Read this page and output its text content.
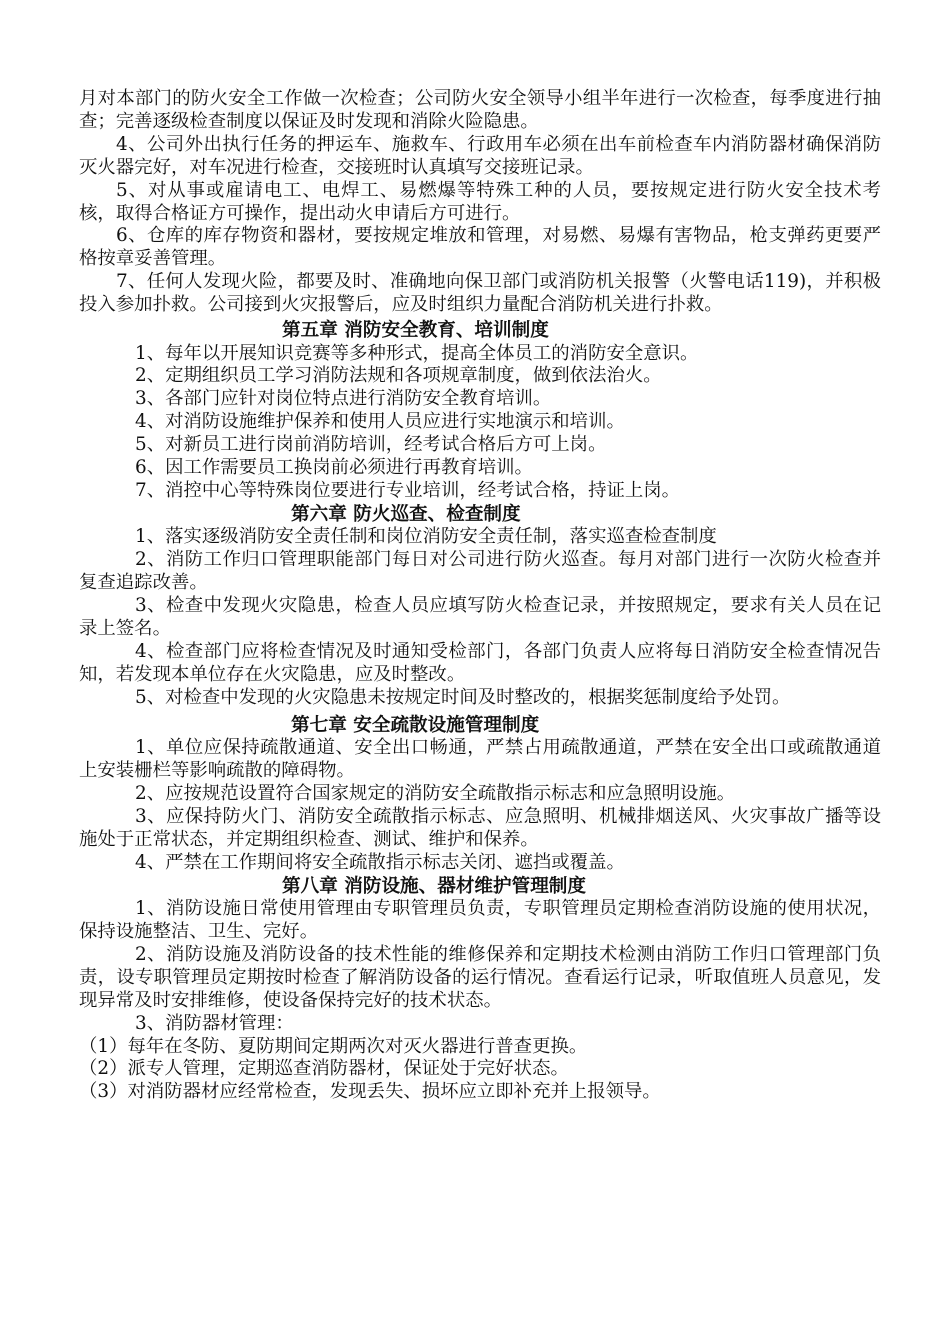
月对本部门的防火安全工作做一次检查；公司防火安全领导小组半年进行一次检查，每季度进行抽查；完善逐级检查制度以保证及时发现和消除火险隐患。

4、公司外出执行任务的押运车、施救车、行政用车必须在出车前检查车内消防器材确保消防灭火器完好，对车况进行检查，交接班时认真填写交接班记录。

5、对从事或雇请电工、电焊工、易燃爆等特殊工种的人员，要按规定进行防火安全技术考核，取得合格证方可操作，提出动火申请后方可进行。

6、仓库的库存物资和器材，要按规定堆放和管理，对易燃、易爆有害物品，枪支弹药更要严格按章妥善管理。

7、任何人发现火险，都要及时、准确地向保卫部门或消防机关报警（火警电话119)，并积极投入参加扑救。公司接到火灾报警后，应及时组织力量配合消防机关进行扑救。

第五章 消防安全教育、培训制度

1、每年以开展知识竞赛等多种形式，提高全体员工的消防安全意识。

2、定期组织员工学习消防法规和各项规章制度，做到依法治火。

3、各部门应针对岗位特点进行消防安全教育培训。

4、对消防设施维护保养和使用人员应进行实地演示和培训。

5、对新员工进行岗前消防培训，经考试合格后方可上岗。

6、因工作需要员工换岗前必须进行再教育培训。

7、消控中心等特殊岗位要进行专业培训，经考试合格，持证上岗。

第六章 防火巡查、检查制度

1、落实逐级消防安全责任制和岗位消防安全责任制，落实巡查检查制度

2、消防工作归口管理职能部门每日对公司进行防火巡查。每月对部门进行一次防火检查并复查追踪改善。

3、检查中发现火灾隐患，检查人员应填写防火检查记录，并按照规定，要求有关人员在记录上签名。

4、检查部门应将检查情况及时通知受检部门，各部门负责人应将每日消防安全检查情况告知，若发现本单位存在火灾隐患，应及时整改。

5、对检查中发现的火灾隐患未按规定时间及时整改的，根据奖惩制度给予处罚。

第七章 安全疏散设施管理制度

1、单位应保持疏散通道、安全出口畅通，严禁占用疏散通道，严禁在安全出口或疏散通道上安装栅栏等影响疏散的障碍物。

2、应按规范设置符合国家规定的消防安全疏散指示标志和应急照明设施。

3、应保持防火门、消防安全疏散指示标志、应急照明、机械排烟送风、火灾事故广播等设施处于正常状态，并定期组织检查、测试、维护和保养。

4、严禁在工作期间将安全疏散指示标志关闭、遮挡或覆盖。

第八章 消防设施、器材维护管理制度

1、消防设施日常使用管理由专职管理员负责，专职管理员定期检查消防设施的使用状况，保持设施整洁、卫生、完好。

2、消防设施及消防设备的技术性能的维修保养和定期技术检测由消防工作归口管理部门负责，设专职管理员定期按时检查了解消防设备的运行情况。查看运行记录，听取值班人员意见，发现异常及时安排维修，使设备保持完好的技术状态。

3、消防器材管理：

（1）每年在冬防、夏防期间定期两次对灭火器进行普查更换。

（2）派专人管理，定期巡查消防器材，保证处于完好状态。

（3）对消防器材应经常检查，发现丢失、损坏应立即补充并上报领导。
